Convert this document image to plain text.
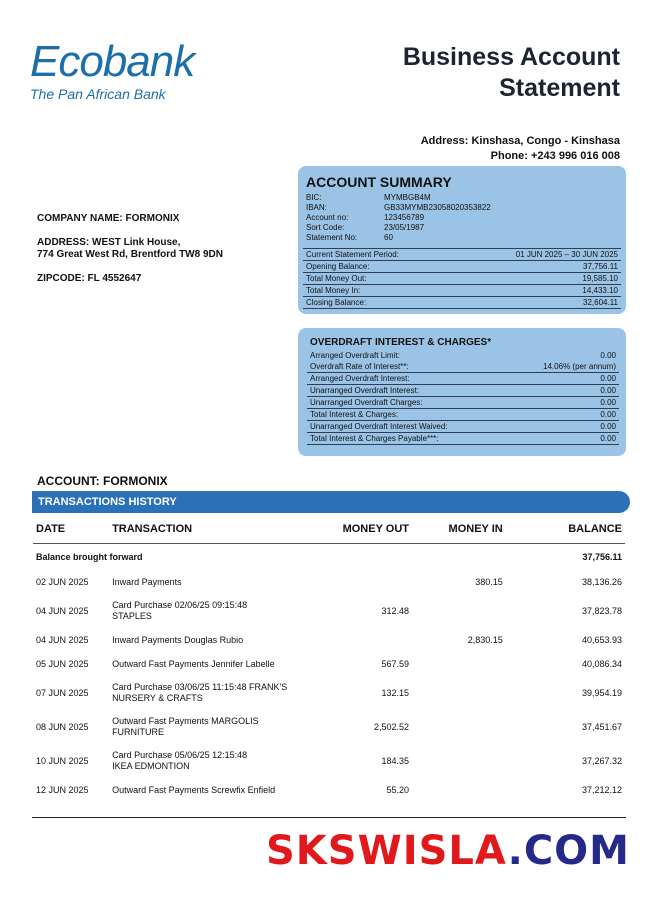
Ecobank
The Pan African Bank
Business Account Statement
Address: Kinshasa, Congo - Kinshasa
Phone: +243 996 016 008
COMPANY NAME: FORMONIX
ADDRESS: WEST Link House,
774 Great West Rd, Brentford TW8 9DN
ZIPCODE: FL 4552647
ACCOUNT SUMMARY
BIC:	MYMBGB4M
IBAN:	GB33MYMB23058020353822
Account no:	123456789
Sort Code:	23/05/1987
Statement No:	60
Current Statement Period:	01 JUN 2025 – 30 JUN 2025
Opening Balance:	37,756.11
Total Money Out:	19,585.10
Total Money In:	14,433.10
Closing Balance:	32,604.11
OVERDRAFT INTEREST & CHARGES*
Arranged Overdraft Limit:	0.00
Overdraft Rate of Interest**:	14.06% (per annum)
Arranged Overdraft Interest:	0.00
Unarranged Overdraft Interest:	0.00
Unarranged Overdraft Charges:	0.00
Total Interest & Charges:	0.00
Unarranged Overdraft Interest Waived:	0.00
Total Interest & Charges Payable***:	0.00
ACCOUNT: FORMONIX
TRANSACTIONS HISTORY
DATE	TRANSACTION	MONEY OUT	MONEY IN	BALANCE
Balance brought forward				37,756.11
02 JUN 2025	Inward Payments		380.15	38,136.26
04 JUN 2025	Card Purchase 02/06/25 09:15:48
STAPLES	312.48		37,823.78
04 JUN 2025	Inward Payments Douglas Rubio		2,830.15	40,653.93
05 JUN 2025	Outward Fast Payments Jennifer Labelle	567.59		40,086.34
07 JUN 2025	Card Purchase 03/06/25 11:15:48 FRANK'S
NURSERY & CRAFTS	132.15		39,954.19
08 JUN 2025	Outward Fast Payments MARGOLIS
FURNITURE	2,502.52		37,451.67
10 JUN 2025	Card Purchase 05/06/25 12:15:48
IKEA EDMONTION	184.35		37,267.32
12 JUN 2025	Outward Fast Payments Screwfix Enfield	55.20		37,212.12
SKSWISLA.COM
